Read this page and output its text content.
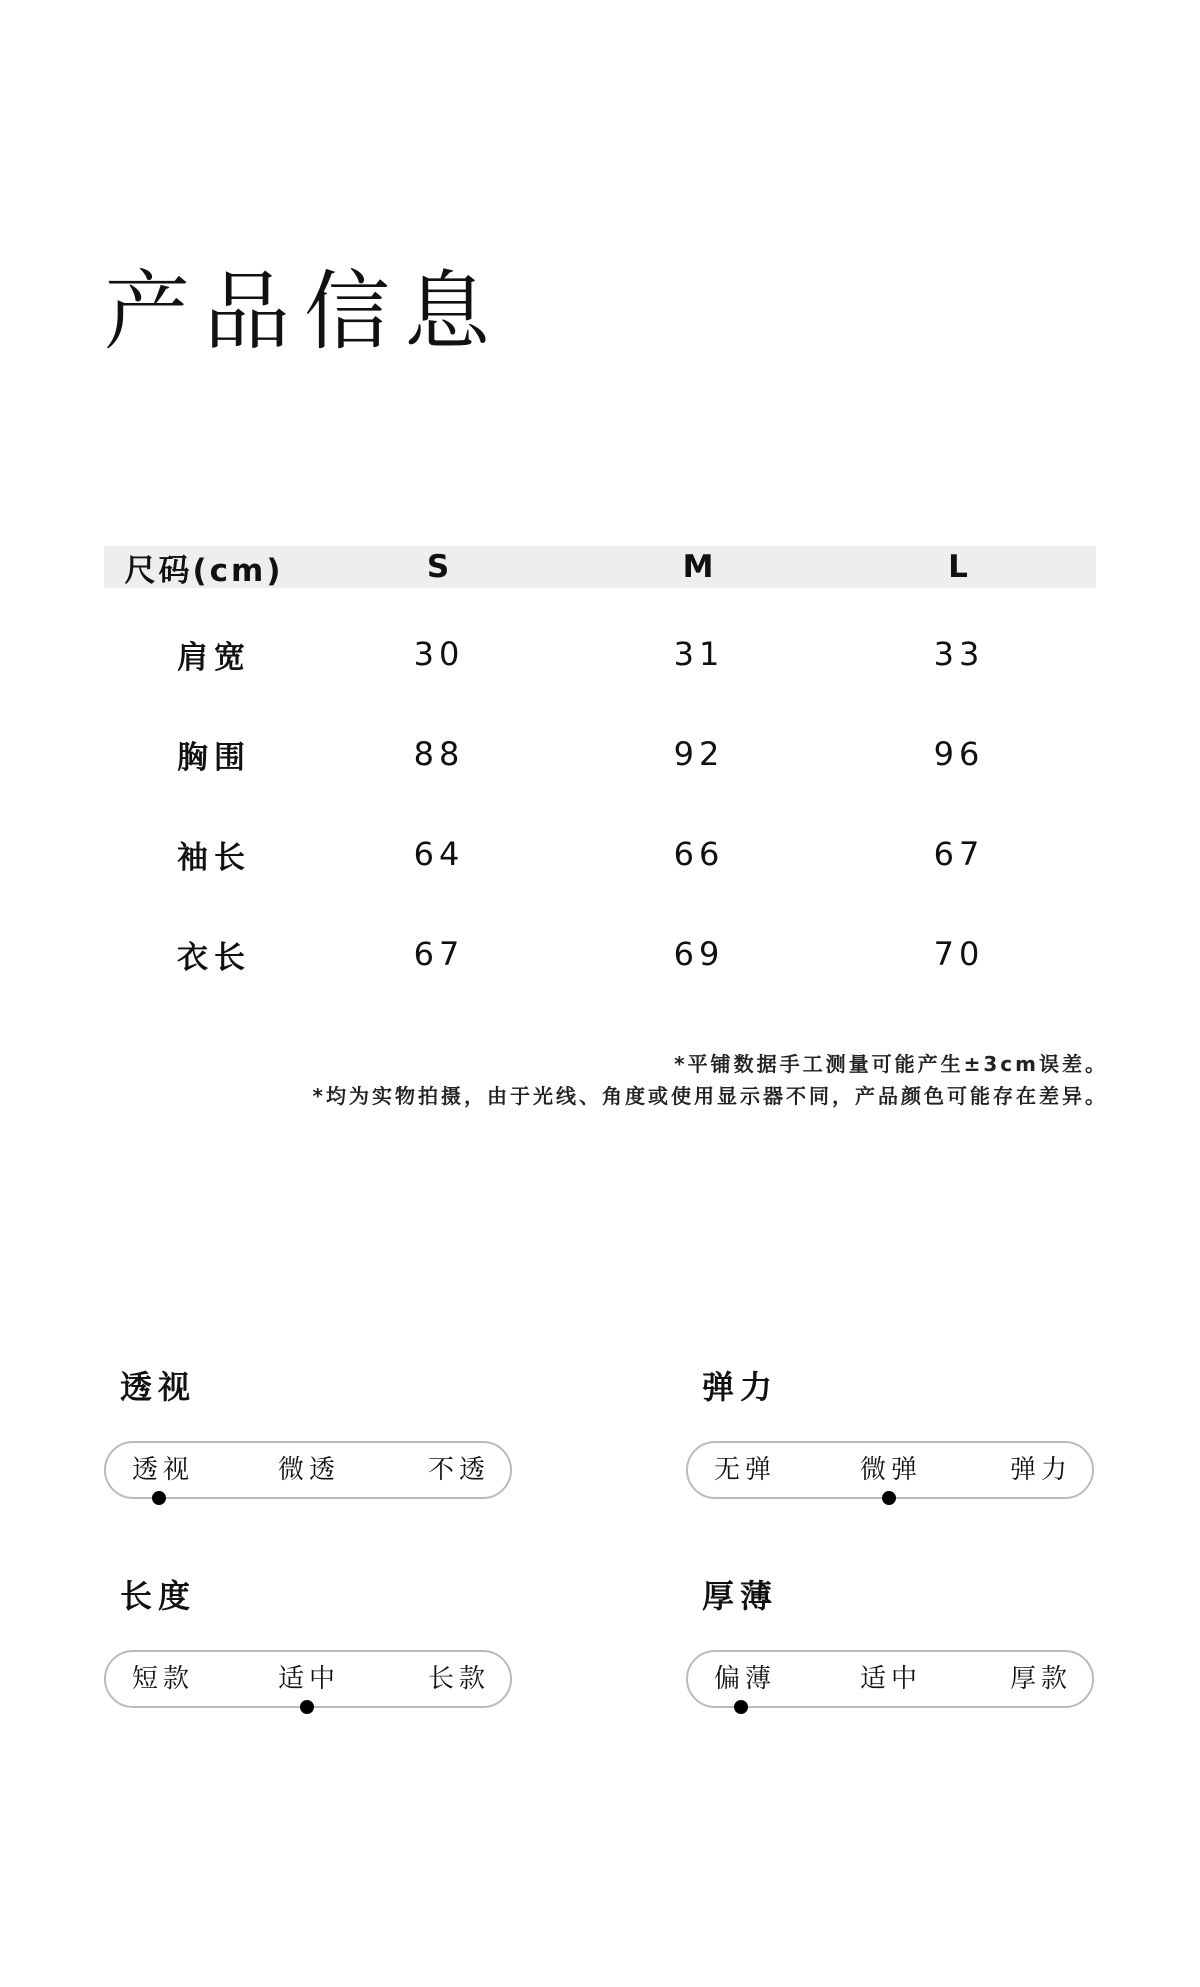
产品信息
尺码(cm)	S	M	L
肩宽	30	31	33
胸围	88	92	96
袖长	64	66	67
衣长	67	69	70
*平铺数据手工测量可能产生±3cm误差。
*均为实物拍摄，由于光线、角度或使用显示器不同，产品颜色可能存在差异。
透视
透视	微透	不透
弹力
无弹	微弹	弹力
长度
短款	适中	长款
厚薄
偏薄	适中	厚款
